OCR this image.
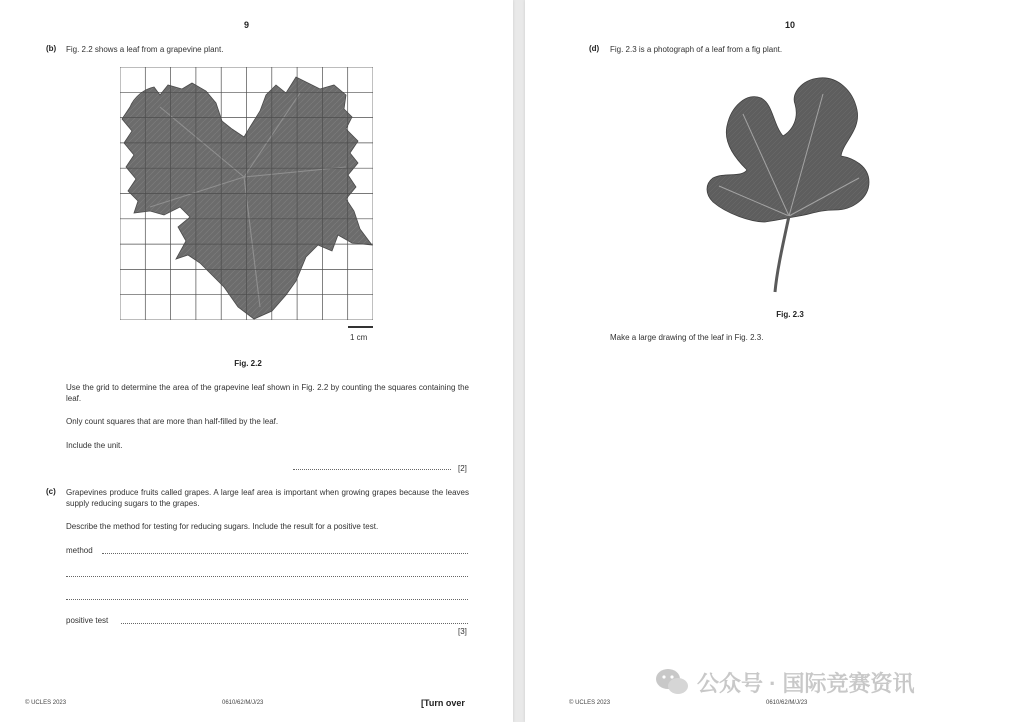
9
(b) Fig. 2.2 shows a leaf from a grapevine plant.
1 cm
Fig. 2.2
Use the grid to determine the area of the grapevine leaf shown in Fig. 2.2 by counting the squares containing the leaf.
Only count squares that are more than half-filled by the leaf.
Include the unit.
[2]
(c) Grapevines produce fruits called grapes. A large leaf area is important when growing grapes because the leaves supply reducing sugars to the grapes.
Describe the method for testing for reducing sugars. Include the result for a positive test.
method
positive test
[3]
© UCLES 2023	0610/62/M/J/23	[Turn over
10
(d) Fig. 2.3 is a photograph of a leaf from a fig plant.
Fig. 2.3
Make a large drawing of the leaf in Fig. 2.3.
© UCLES 2023	0610/62/M/J/23
公众号 · 国际竞赛资讯
